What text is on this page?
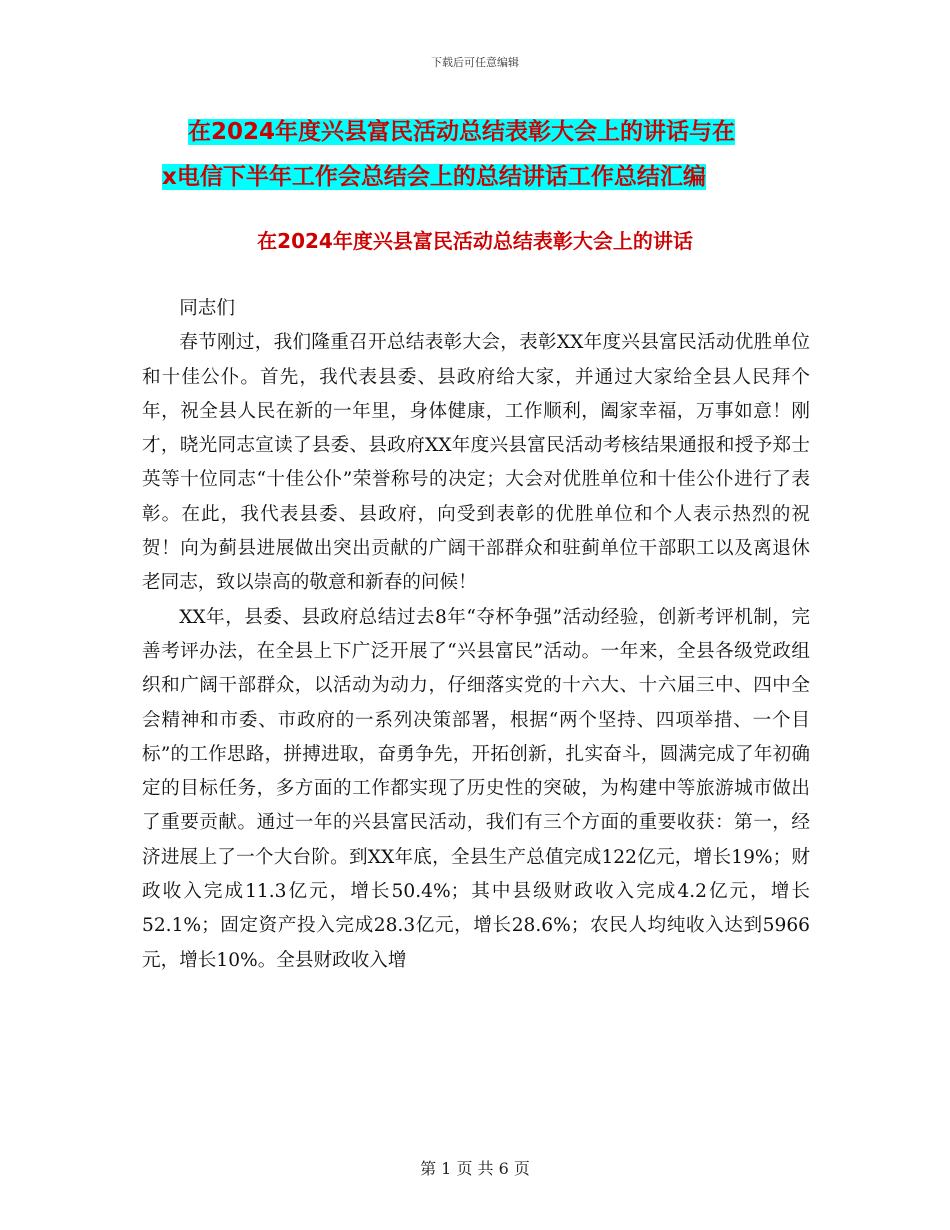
下载后可任意编辑
在2024年度兴县富民活动总结表彰大会上的讲话与在
x电信下半年工作会总结会上的总结讲话工作总结汇编
在2024年度兴县富民活动总结表彰大会上的讲话

同志们

春节刚过，我们隆重召开总结表彰大会，表彰XX年度兴县富民活动优胜单位和十佳公仆。首先，我代表县委、县政府给大家，并通过大家给全县人民拜个年，祝全县人民在新的一年里，身体健康，工作顺利，阖家幸福，万事如意！刚才，晓光同志宣读了县委、县政府XX年度兴县富民活动考核结果通报和授予郑士英等十位同志“十佳公仆”荣誉称号的决定；大会对优胜单位和十佳公仆进行了表彰。在此，我代表县委、县政府，向受到表彰的优胜单位和个人表示热烈的祝贺！向为蓟县进展做出突出贡献的广阔干部群众和驻蓟单位干部职工以及离退休老同志，致以崇高的敬意和新春的问候！

XX年，县委、县政府总结过去8年“夺杯争强”活动经验，创新考评机制，完善考评办法，在全县上下广泛开展了“兴县富民”活动。一年来，全县各级党政组织和广阔干部群众，以活动为动力，仔细落实党的十六大、十六届三中、四中全会精神和市委、市政府的一系列决策部署，根据“两个坚持、四项举措、一个目标”的工作思路，拼搏进取，奋勇争先，开拓创新，扎实奋斗，圆满完成了年初确定的目标任务，多方面的工作都实现了历史性的突破，为构建中等旅游城市做出了重要贡献。通过一年的兴县富民活动，我们有三个方面的重要收获：第一，经济进展上了一个大台阶。到XX年底，全县生产总值完成122亿元，增长19%；财政收入完成11.3亿元，增长50.4%；其中县级财政收入完成4.2亿元，增长52.1%；固定资产投入完成28.3亿元，增长28.6%；农民人均纯收入达到5966元，增长10%。全县财政收入增

第 1 页 共 6 页
